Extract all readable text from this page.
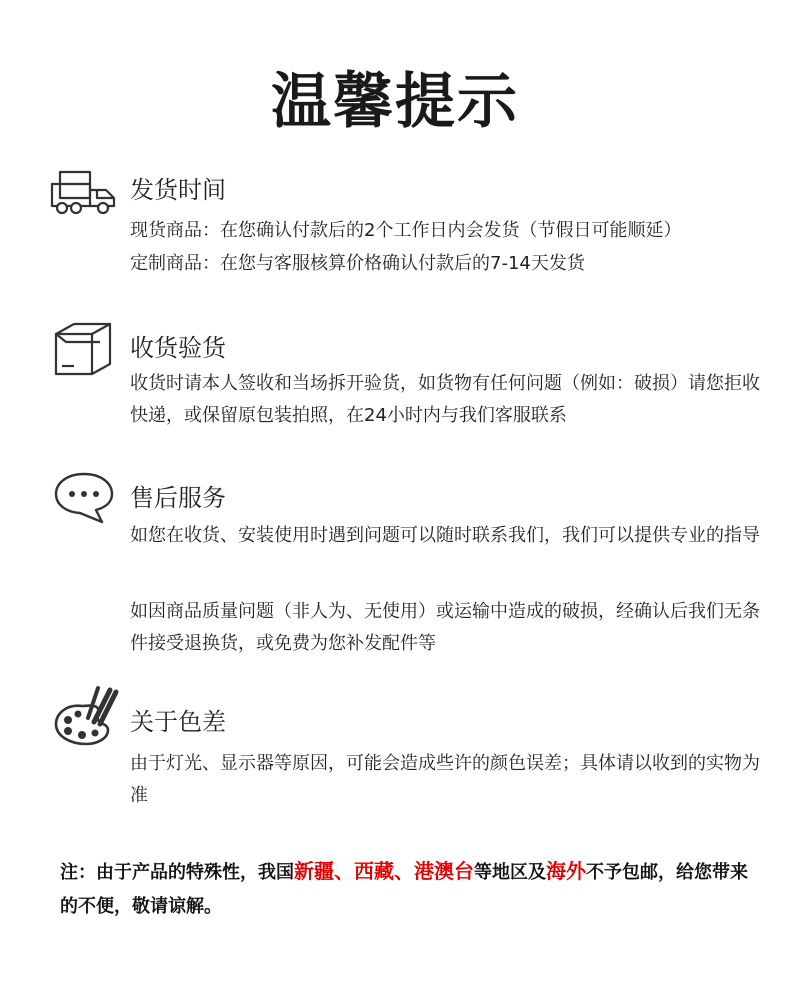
温馨提示
发货时间

现货商品：在您确认付款后的2个工作日内会发货（节假日可能顺延）

定制商品：在您与客服核算价格确认付款后的7-14天发货

收货验货

收货时请本人签收和当场拆开验货，如货物有任何问题（例如：破损）请您拒收快递，或保留原包装拍照，在24小时内与我们客服联系

售后服务

如您在收货、安装使用时遇到问题可以随时联系我们，我们可以提供专业的指导

如因商品质量问题（非人为、无使用）或运输中造成的破损，经确认后我们无条件接受退换货，或免费为您补发配件等

关于色差

由于灯光、显示器等原因，可能会造成些许的颜色误差；具体请以收到的实物为准

注：由于产品的特殊性，我国新疆、西藏、港澳台等地区及海外不予包邮，给您带来的不便，敬请谅解。
